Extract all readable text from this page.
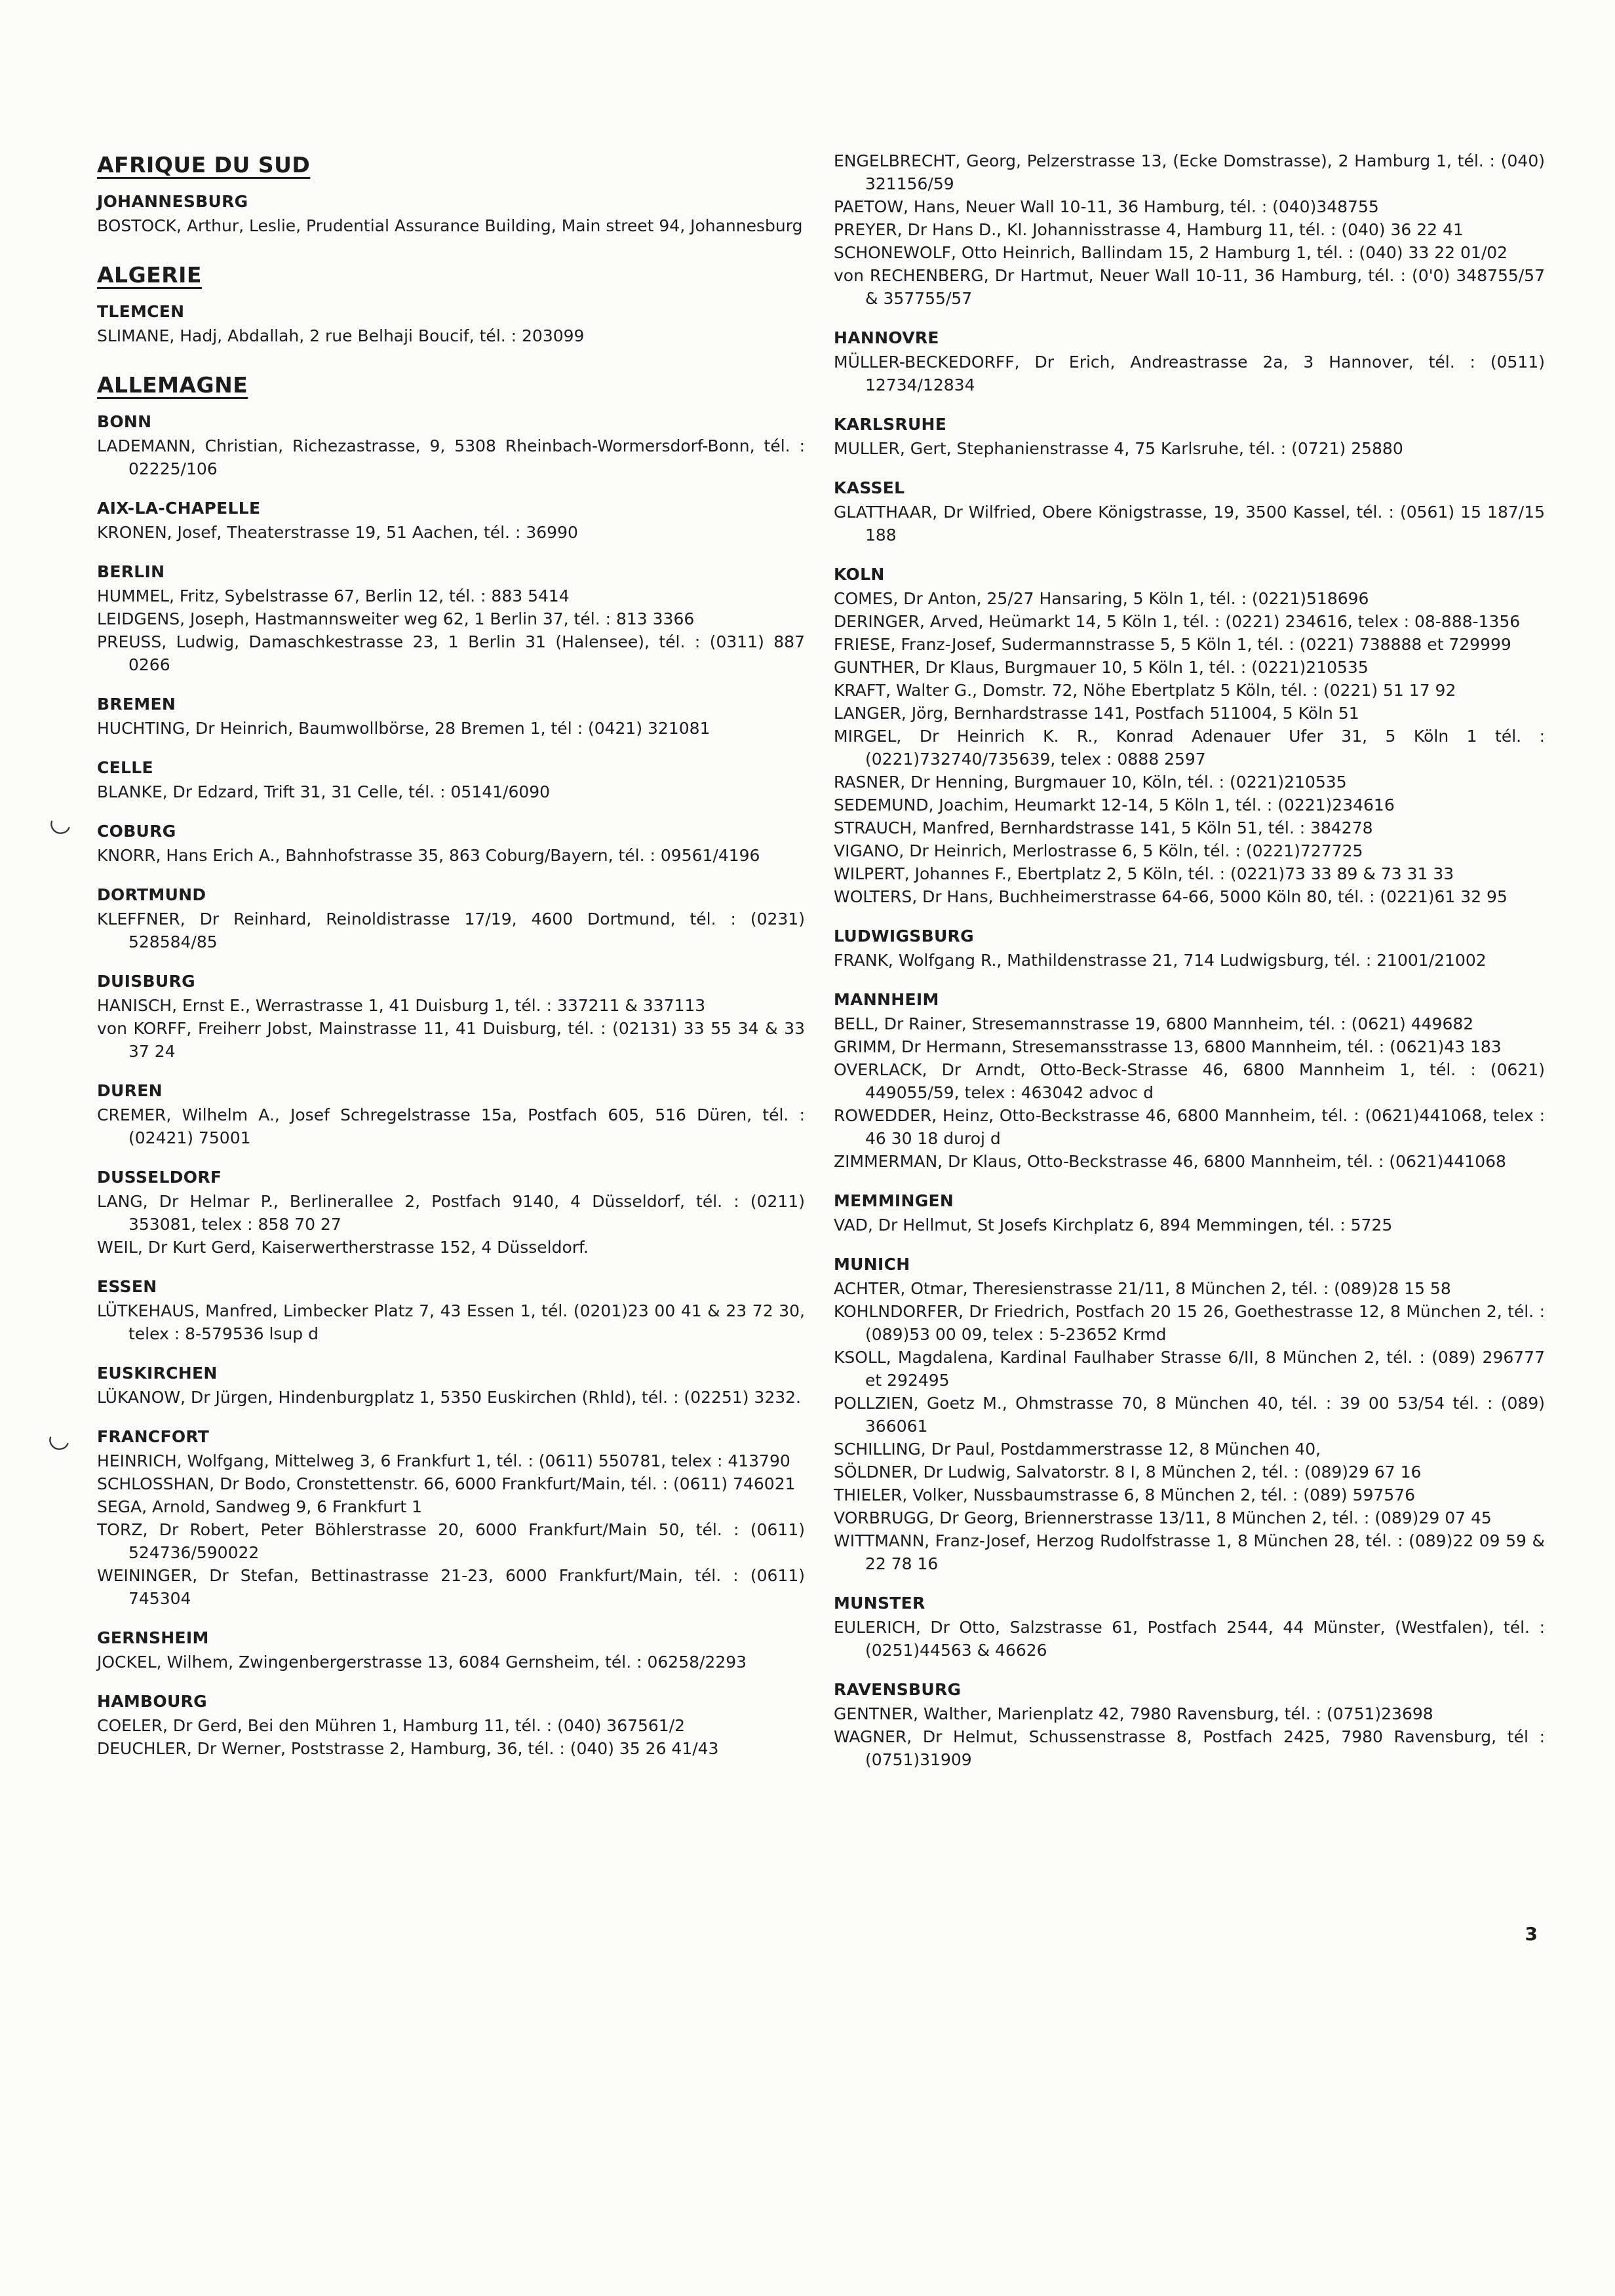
AFRIQUE DU SUD
JOHANNESBURG
BOSTOCK, Arthur, Leslie, Prudential Assurance Building, Main street 94, Johannesburg
ALGERIE
TLEMCEN
SLIMANE, Hadj, Abdallah, 2 rue Belhaji Boucif, tél. : 203099
ALLEMAGNE
BONN
LADEMANN, Christian, Richezastrasse, 9, 5308 Rheinbach-Wormersdorf-Bonn, tél. : 02225/106
AIX-LA-CHAPELLE
KRONEN, Josef, Theaterstrasse 19, 51 Aachen, tél. : 36990
BERLIN
HUMMEL, Fritz, Sybelstrasse 67, Berlin 12, tél. : 883 5414
LEIDGENS, Joseph, Hastmannsweiter weg 62, 1 Berlin 37, tél. : 813 3366
PREUSS, Ludwig, Damaschkestrasse 23, 1 Berlin 31 (Halensee), tél. : (0311) 887 0266
BREMEN
HUCHTING, Dr Heinrich, Baumwollbörse, 28 Bremen 1, tél : (0421) 321081
CELLE
BLANKE, Dr Edzard, Trift 31, 31 Celle, tél. : 05141/6090
COBURG
KNORR, Hans Erich A., Bahnhofstrasse 35, 863 Coburg/Bayern, tél. : 09561/4196
DORTMUND
KLEFFNER, Dr Reinhard, Reinoldistrasse 17/19, 4600 Dortmund, tél. : (0231) 528584/85
DUISBURG
HANISCH, Ernst E., Werrastrasse 1, 41 Duisburg 1, tél. : 337211 & 337113
von KORFF, Freiherr Jobst, Mainstrasse 11, 41 Duisburg, tél. : (02131) 33 55 34 & 33 37 24
DUREN
CREMER, Wilhelm A., Josef Schregelstrasse 15a, Postfach 605, 516 Düren, tél. : (02421) 75001
DUSSELDORF
LANG, Dr Helmar P., Berlinerallee 2, Postfach 9140, 4 Düsseldorf, tél. : (0211) 353081, telex : 858 70 27
WEIL, Dr Kurt Gerd, Kaiserwertherstrasse 152, 4 Düsseldorf.
ESSEN
LÜTKEHAUS, Manfred, Limbecker Platz 7, 43 Essen 1, tél. (0201)23 00 41 & 23 72 30, telex : 8-579536 lsup d
EUSKIRCHEN
LÜKANOW, Dr Jürgen, Hindenburgplatz 1, 5350 Euskirchen (Rhld), tél. : (02251) 3232.
FRANCFORT
HEINRICH, Wolfgang, Mittelweg 3, 6 Frankfurt 1, tél. : (0611) 550781, telex : 413790
SCHLOSSHAN, Dr Bodo, Cronstettenstr. 66, 6000 Frankfurt/Main, tél. : (0611) 746021
SEGA, Arnold, Sandweg 9, 6 Frankfurt 1
TORZ, Dr Robert, Peter Böhlerstrasse 20, 6000 Frankfurt/Main 50, tél. : (0611) 524736/590022
WEININGER, Dr Stefan, Bettinastrasse 21-23, 6000 Frankfurt/Main, tél. : (0611) 745304
GERNSHEIM
JOCKEL, Wilhem, Zwingenbergerstrasse 13, 6084 Gernsheim, tél. : 06258/2293
HAMBOURG
COELER, Dr Gerd, Bei den Mühren 1, Hamburg 11, tél. : (040) 367561/2
DEUCHLER, Dr Werner, Poststrasse 2, Hamburg, 36, tél. : (040) 35 26 41/43
ENGELBRECHT, Georg, Pelzerstrasse 13, (Ecke Domstrasse), 2 Hamburg 1, tél. : (040) 321156/59
PAETOW, Hans, Neuer Wall 10-11, 36 Hamburg, tél. : (040)348755
PREYER, Dr Hans D., Kl. Johannisstrasse 4, Hamburg 11, tél. : (040) 36 22 41
SCHONEWOLF, Otto Heinrich, Ballindam 15, 2 Hamburg 1, tél. : (040) 33 22 01/02
von RECHENBERG, Dr Hartmut, Neuer Wall 10-11, 36 Hamburg, tél. : (0'0) 348755/57 & 357755/57
HANNOVRE
MÜLLER-BECKEDORFF, Dr Erich, Andreastrasse 2a, 3 Hannover, tél. : (0511) 12734/12834
KARLSRUHE
MULLER, Gert, Stephanienstrasse 4, 75 Karlsruhe, tél. : (0721) 25880
KASSEL
GLATTHAAR, Dr Wilfried, Obere Königstrasse, 19, 3500 Kassel, tél. : (0561) 15 187/15 188
KOLN
COMES, Dr Anton, 25/27 Hansaring, 5 Köln 1, tél. : (0221)518696
DERINGER, Arved, Heümarkt 14, 5 Köln 1, tél. : (0221) 234616, telex : 08-888-1356
FRIESE, Franz-Josef, Sudermannstrasse 5, 5 Köln 1, tél. : (0221) 738888 et 729999
GUNTHER, Dr Klaus, Burgmauer 10, 5 Köln 1, tél. : (0221)210535
KRAFT, Walter G., Domstr. 72, Nöhe Ebertplatz 5 Köln, tél. : (0221) 51 17 92
LANGER, Jörg, Bernhardstrasse 141, Postfach 511004, 5 Köln 51
MIRGEL, Dr Heinrich K. R., Konrad Adenauer Ufer 31, 5 Köln 1 tél. : (0221)732740/735639, telex : 0888 2597
RASNER, Dr Henning, Burgmauer 10, Köln, tél. : (0221)210535
SEDEMUND, Joachim, Heumarkt 12-14, 5 Köln 1, tél. : (0221)234616
STRAUCH, Manfred, Bernhardstrasse 141, 5 Köln 51, tél. : 384278
VIGANO, Dr Heinrich, Merlostrasse 6, 5 Köln, tél. : (0221)727725
WILPERT, Johannes F., Ebertplatz 2, 5 Köln, tél. : (0221)73 33 89 & 73 31 33
WOLTERS, Dr Hans, Buchheimerstrasse 64-66, 5000 Köln 80, tél. : (0221)61 32 95
LUDWIGSBURG
FRANK, Wolfgang R., Mathildenstrasse 21, 714 Ludwigsburg, tél. : 21001/21002
MANNHEIM
BELL, Dr Rainer, Stresemannstrasse 19, 6800 Mannheim, tél. : (0621) 449682
GRIMM, Dr Hermann, Stresemansstrasse 13, 6800 Mannheim, tél. : (0621)43 183
OVERLACK, Dr Arndt, Otto-Beck-Strasse 46, 6800 Mannheim 1, tél. : (0621) 449055/59, telex : 463042 advoc d
ROWEDDER, Heinz, Otto-Beckstrasse 46, 6800 Mannheim, tél. : (0621)441068, telex : 46 30 18 duroj d
ZIMMERMAN, Dr Klaus, Otto-Beckstrasse 46, 6800 Mannheim, tél. : (0621)441068
MEMMINGEN
VAD, Dr Hellmut, St Josefs Kirchplatz 6, 894 Memmingen, tél. : 5725
MUNICH
ACHTER, Otmar, Theresienstrasse 21/11, 8 München 2, tél. : (089)28 15 58
KOHLNDORFER, Dr Friedrich, Postfach 20 15 26, Goethestrasse 12, 8 München 2, tél. : (089)53 00 09, telex : 5-23652 Krmd
KSOLL, Magdalena, Kardinal Faulhaber Strasse 6/II, 8 München 2, tél. : (089) 296777 et 292495
POLLZIEN, Goetz M., Ohmstrasse 70, 8 München 40, tél. : 39 00 53/54 tél. : (089) 366061
SCHILLING, Dr Paul, Postdammerstrasse 12, 8 München 40,
SÖLDNER, Dr Ludwig, Salvatorstr. 8 I, 8 München 2, tél. : (089)29 67 16
THIELER, Volker, Nussbaumstrasse 6, 8 München 2, tél. : (089) 597576
VORBRUGG, Dr Georg, Briennerstrasse 13/11, 8 München 2, tél. : (089)29 07 45
WITTMANN, Franz-Josef, Herzog Rudolfstrasse 1, 8 München 28, tél. : (089)22 09 59 & 22 78 16
MUNSTER
EULERICH, Dr Otto, Salzstrasse 61, Postfach 2544, 44 Münster, (Westfalen), tél. : (0251)44563 & 46626
RAVENSBURG
GENTNER, Walther, Marienplatz 42, 7980 Ravensburg, tél. : (0751)23698
WAGNER, Dr Helmut, Schussenstrasse 8, Postfach 2425, 7980 Ravensburg, tél : (0751)31909
3
◡
◡
